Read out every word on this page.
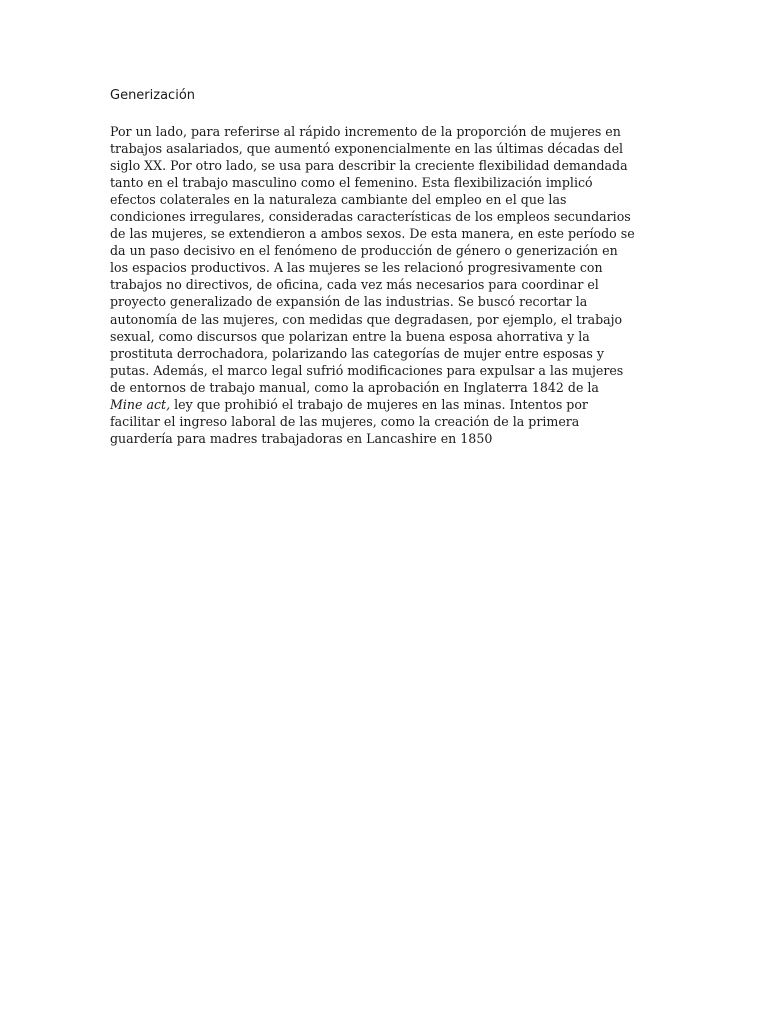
Generización
Por un lado, para referirse al rápido incremento de la proporción de mujeres en
trabajos asalariados, que aumentó exponencialmente en las últimas décadas del
siglo XX. Por otro lado, se usa para describir la creciente flexibilidad demandada
tanto en el trabajo masculino como el femenino. Esta flexibilización implicó
efectos colaterales en la naturaleza cambiante del empleo en el que las
condiciones irregulares, consideradas características de los empleos secundarios
de las mujeres, se extendieron a ambos sexos. De esta manera, en este período se
da un paso decisivo en el fenómeno de producción de género o generización en
los espacios productivos. A las mujeres se les relacionó progresivamente con
trabajos no directivos, de oficina, cada vez más necesarios para coordinar el
proyecto generalizado de expansión de las industrias. Se buscó recortar la
autonomía de las mujeres, con medidas que degradasen, por ejemplo, el trabajo
sexual, como discursos que polarizan entre la buena esposa ahorrativa y la
prostituta derrochadora, polarizando las categorías de mujer entre esposas y
putas. Además, el marco legal sufrió modificaciones para expulsar a las mujeres
de entornos de trabajo manual, como la aprobación en Inglaterra 1842 de la
Mine act, ley que prohibió el trabajo de mujeres en las minas. Intentos por
facilitar el ingreso laboral de las mujeres, como la creación de la primera
guardería para madres trabajadoras en Lancashire en 1850
